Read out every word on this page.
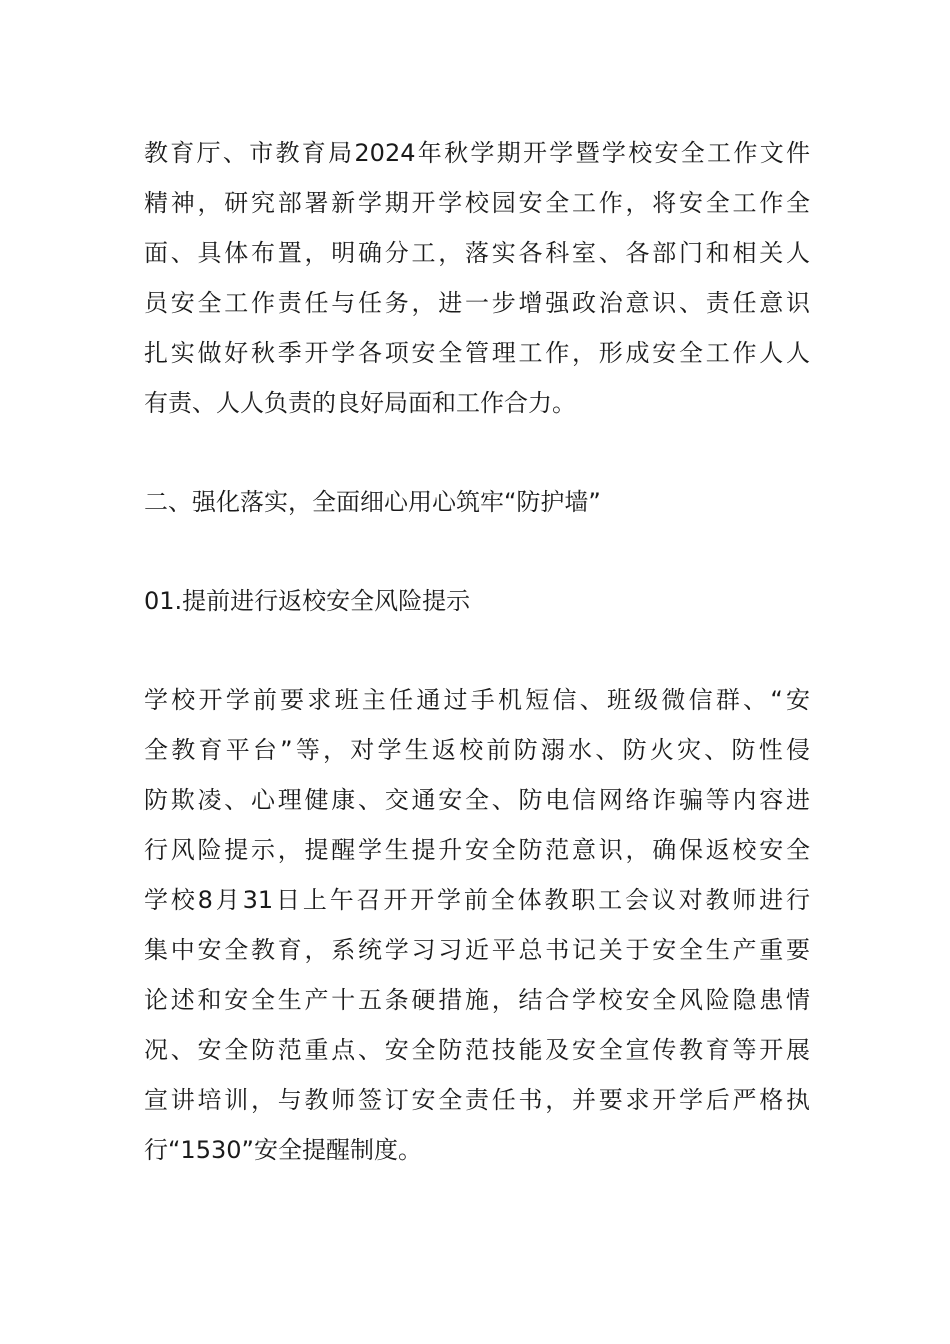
教育厅、市教育局2024年秋学期开学暨学校安全工作文件
精神，研究部署新学期开学校园安全工作，将安全工作全
面、具体布置，明确分工，落实各科室、各部门和相关人
员安全工作责任与任务，进一步增强政治意识、责任意识
扎实做好秋季开学各项安全管理工作，形成安全工作人人
有责、人人负责的良好局面和工作合力。
二、强化落实，全面细心用心筑牢“防护墙”
01.提前进行返校安全风险提示
学校开学前要求班主任通过手机短信、班级微信群、“安
全教育平台”等，对学生返校前防溺水、防火灾、防性侵
防欺凌、心理健康、交通安全、防电信网络诈骗等内容进
行风险提示，提醒学生提升安全防范意识，确保返校安全
学校8月31日上午召开开学前全体教职工会议对教师进行
集中安全教育，系统学习习近平总书记关于安全生产重要
论述和安全生产十五条硬措施，结合学校安全风险隐患情
况、安全防范重点、安全防范技能及安全宣传教育等开展
宣讲培训，与教师签订安全责任书，并要求开学后严格执
行“1530”安全提醒制度。
